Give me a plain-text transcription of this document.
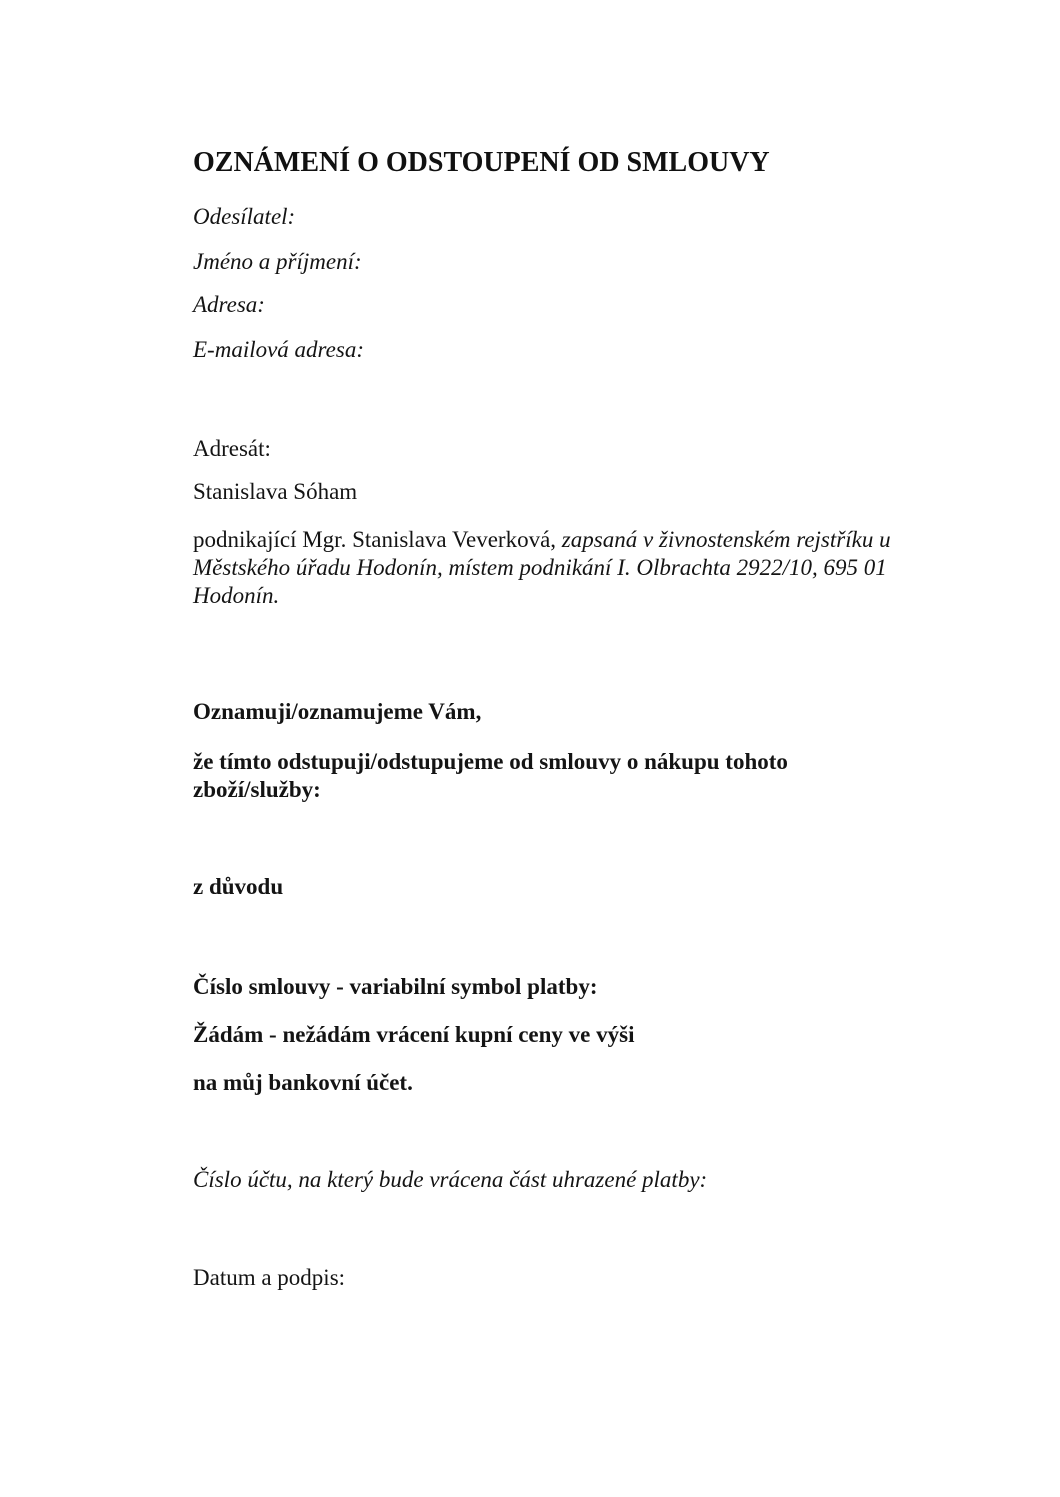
OZNÁMENÍ O ODSTOUPENÍ OD SMLOUVY

Odesílatel:

Jméno a příjmení:

Adresa:

E-mailová adresa:

Adresát:

Stanislava Sóham

podnikající Mgr. Stanislava Veverková, zapsaná v živnostenském rejstříku u
Městského úřadu Hodonín, místem podnikání I. Olbrachta 2922/10, 695 01
Hodonín.

Oznamuji/oznamujeme Vám,

že tímto odstupuji/odstupujeme od smlouvy o nákupu tohoto
zboží/služby:

z důvodu

Číslo smlouvy - variabilní symbol platby:

Žádám - nežádám vrácení kupní ceny ve výši

na můj bankovní účet.

Číslo účtu, na který bude vrácena část uhrazené platby:

Datum a podpis:
